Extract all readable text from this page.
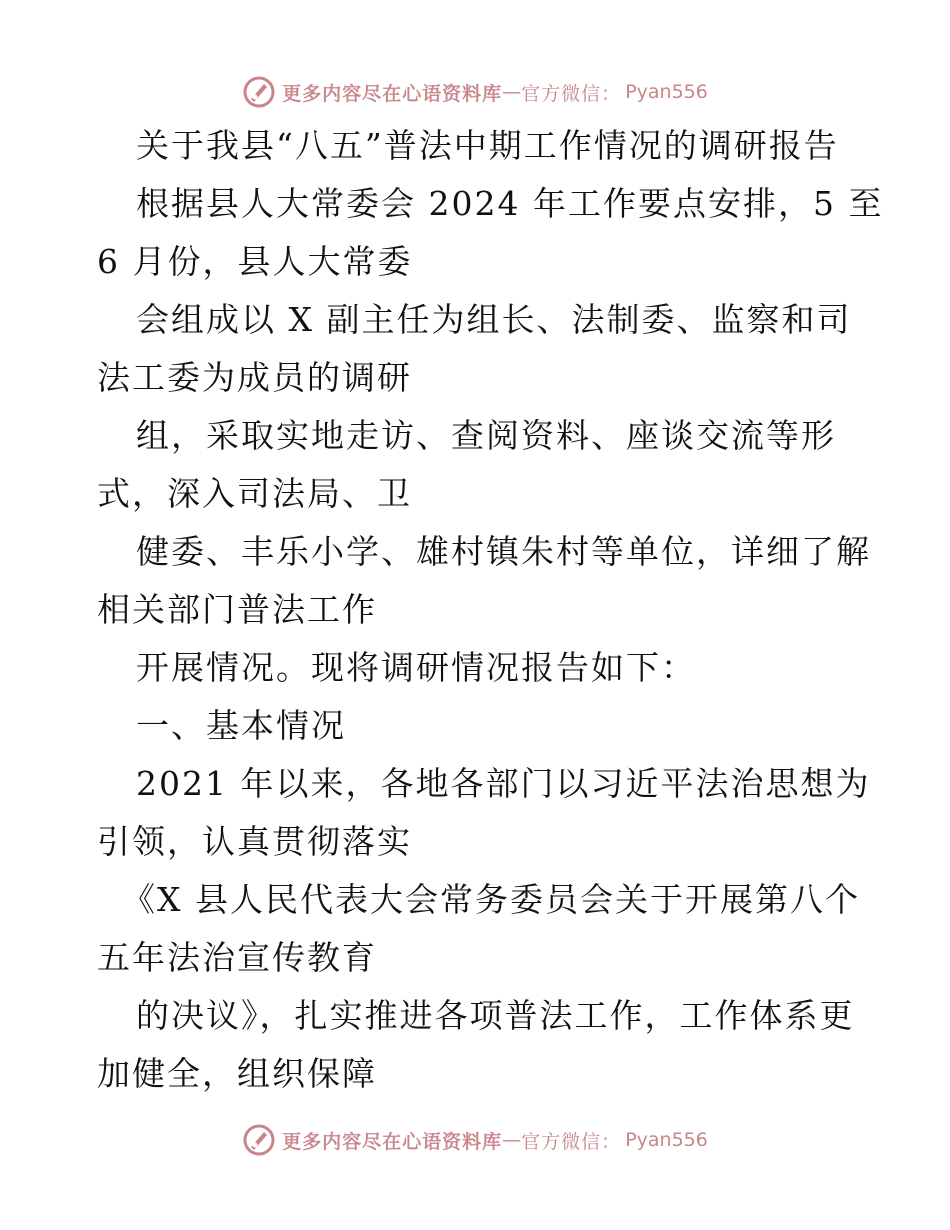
更多内容尽在心语资料库 — 官方微信： Pyan556
关于我县“八五”普法中期工作情况的调研报告
根据县人大常委会 2024 年工作要点安排，5 至
6 月份，县人大常委
会组成以 X 副主任为组长、法制委、监察和司
法工委为成员的调研
组，采取实地走访、查阅资料、座谈交流等形
式，深入司法局、卫
健委、丰乐小学、雄村镇朱村等单位，详细了解
相关部门普法工作
开展情况。现将调研情况报告如下：
一、基本情况
2021 年以来，各地各部门以习近平法治思想为
引领，认真贯彻落实
《X 县人民代表大会常务委员会关于开展第八个
五年法治宣传教育
的决议》，扎实推进各项普法工作，工作体系更
加健全，组织保障
更多内容尽在心语资料库 — 官方微信： Pyan556
